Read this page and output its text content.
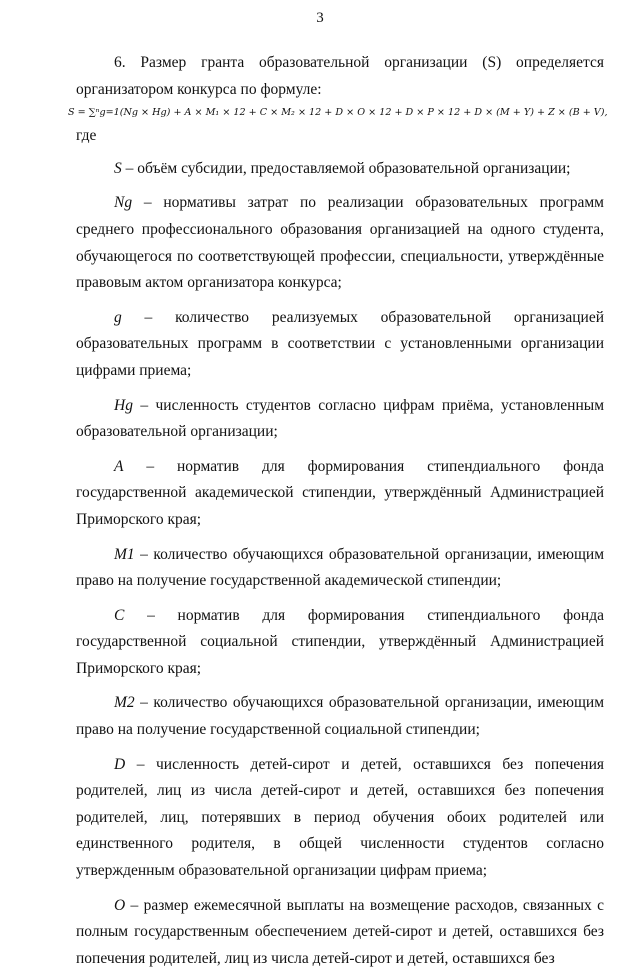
3

6. Размер гранта образовательной организации (S) определяется организатором конкурса по формуле:

S = ∑ⁿg=1(Ng × Hg) + A × M₁ × 12 + C × M₂ × 12 + D × O × 12 + D × P × 12 + D × (M + Y) + Z × (B + V),

где

S – объём субсидии, предоставляемой образовательной организации;

Ng – нормативы затрат по реализации образовательных программ среднего профессионального образования организацией на одного студента, обучающегося по соответствующей профессии, специальности, утверждённые правовым актом организатора конкурса;

g – количество реализуемых образовательной организацией образовательных программ в соответствии с установленными организации цифрами приема;

Hg – численность студентов согласно цифрам приёма, установленным образовательной организации;

A – норматив для формирования стипендиального фонда государственной академической стипендии, утверждённый Администрацией Приморского края;

M1 – количество обучающихся образовательной организации, имеющим право на получение государственной академической стипендии;

C – норматив для формирования стипендиального фонда государственной социальной стипендии, утверждённый Администрацией Приморского края;

M2 – количество обучающихся образовательной организации, имеющим право на получение государственной социальной стипендии;

D – численность детей-сирот и детей, оставшихся без попечения родителей, лиц из числа детей-сирот и детей, оставшихся без попечения родителей, лиц, потерявших в период обучения обоих родителей или единственного родителя, в общей численности студентов согласно утвержденным образовательной организации цифрам приема;

O – размер ежемесячной выплаты на возмещение расходов, связанных с полным государственным обеспечением детей-сирот и детей, оставшихся без попечения родителей, лиц из числа детей-сирот и детей, оставшихся без
